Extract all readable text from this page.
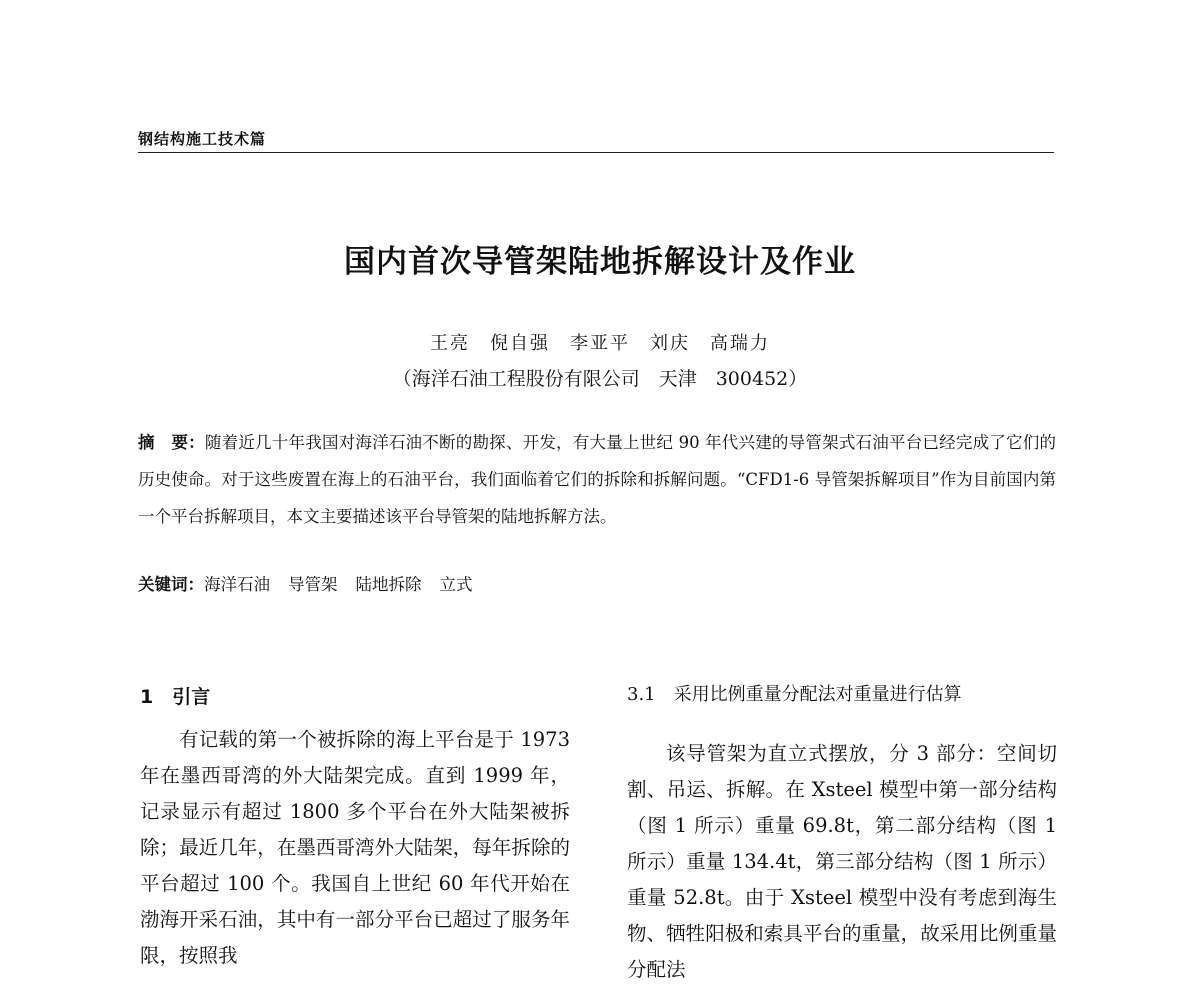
钢结构施工技术篇
国内首次导管架陆地拆解设计及作业
王亮　倪自强　李亚平　刘庆　高瑞力
（海洋石油工程股份有限公司　天津　300452）

摘　要：随着近几十年我国对海洋石油不断的勘探、开发，有大量上世纪 90 年代兴建的导管架式石油平台已经完成了它们的历史使命。对于这些废置在海上的石油平台，我们面临着它们的拆除和拆解问题。“CFD1-6 导管架拆解项目”作为目前国内第一个平台拆解项目，本文主要描述该平台导管架的陆地拆解方法。

关键词：海洋石油 导管架 陆地拆除 立式
1　引言

有记载的第一个被拆除的海上平台是于 1973 年在墨西哥湾的外大陆架完成。直到 1999 年，记录显示有超过 1800 多个平台在外大陆架被拆除；最近几年，在墨西哥湾外大陆架，每年拆除的平台超过 100 个。我国自上世纪 60 年代开始在渤海开采石油，其中有一部分平台已超过了服务年限，按照我

3.1　采用比例重量分配法对重量进行估算

该导管架为直立式摆放，分 3 部分：空间切割、吊运、拆解。在 Xsteel 模型中第一部分结构（图 1 所示）重量 69.8t，第二部分结构（图 1 所示）重量 134.4t，第三部分结构（图 1 所示）重量 52.8t。由于 Xsteel 模型中没有考虑到海生物、牺牲阳极和索具平台的重量，故采用比例重量分配法
